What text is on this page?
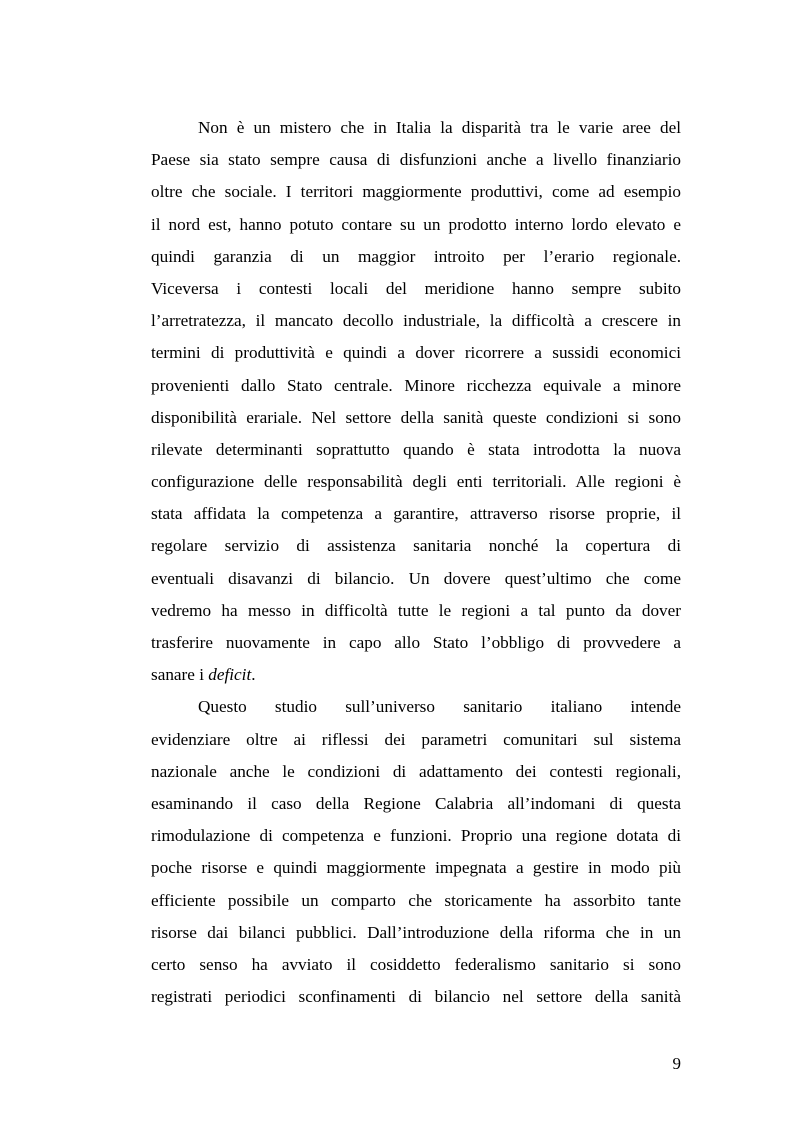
Non è un mistero che in Italia la disparità tra le varie aree del
Paese sia stato sempre causa di disfunzioni anche a livello finanziario
oltre che sociale. I territori maggiormente produttivi, come ad esempio
il nord est, hanno potuto contare su un prodotto interno lordo elevato e
quindi garanzia di un maggior introito per l’erario regionale.
Viceversa i contesti locali del meridione hanno sempre subito
l’arretratezza, il mancato decollo industriale, la difficoltà a crescere in
termini di produttività e quindi a dover ricorrere a sussidi economici
provenienti dallo Stato centrale. Minore ricchezza equivale a minore
disponibilità erariale. Nel settore della sanità queste condizioni si sono
rilevate determinanti soprattutto quando è stata introdotta la nuova
configurazione delle responsabilità degli enti territoriali. Alle regioni è
stata affidata la competenza a garantire, attraverso risorse proprie, il
regolare servizio di assistenza sanitaria nonché la copertura di
eventuali disavanzi di bilancio. Un dovere quest’ultimo che come
vedremo ha messo in difficoltà tutte le regioni a tal punto da dover
trasferire nuovamente in capo allo Stato l’obbligo di provvedere a
sanare i deficit.
Questo studio sull’universo sanitario italiano intende
evidenziare oltre ai riflessi dei parametri comunitari sul sistema
nazionale anche le condizioni di adattamento dei contesti regionali,
esaminando il caso della Regione Calabria all’indomani di questa
rimodulazione di competenza e funzioni. Proprio una regione dotata di
poche risorse e quindi maggiormente impegnata a gestire in modo più
efficiente possibile un comparto che storicamente ha assorbito tante
risorse dai bilanci pubblici. Dall’introduzione della riforma che in un
certo senso ha avviato il cosiddetto federalismo sanitario si sono
registrati periodici sconfinamenti di bilancio nel settore della sanità
9
